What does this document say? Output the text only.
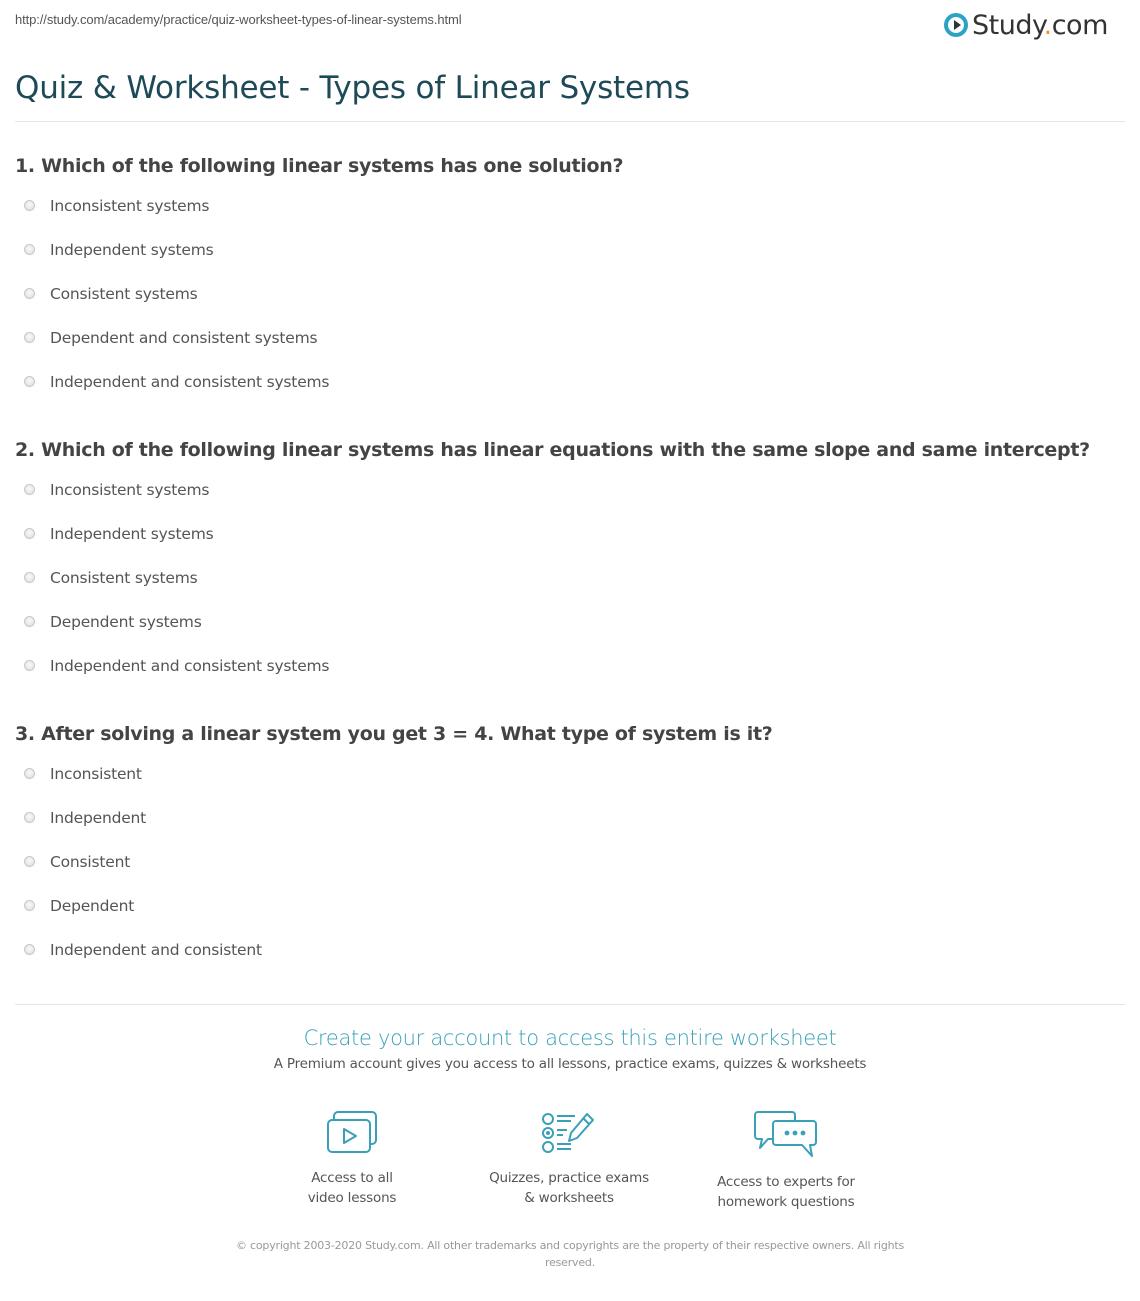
http://study.com/academy/practice/quiz-worksheet-types-of-linear-systems.html	Study.com
Quiz & Worksheet - Types of Linear Systems
1. Which of the following linear systems has one solution?
Inconsistent systems
Independent systems
Consistent systems
Dependent and consistent systems
Independent and consistent systems
2. Which of the following linear systems has linear equations with the same slope and same intercept?
Inconsistent systems
Independent systems
Consistent systems
Dependent systems
Independent and consistent systems
3. After solving a linear system you get 3 = 4. What type of system is it?
Inconsistent
Independent
Consistent
Dependent
Independent and consistent
Create your account to access this entire worksheet
A Premium account gives you access to all lessons, practice exams, quizzes & worksheets
Access to all
video lessons
Quizzes, practice exams
& worksheets
Access to experts for
homework questions
© copyright 2003-2020 Study.com. All other trademarks and copyrights are the property of their respective owners. All rights reserved.
